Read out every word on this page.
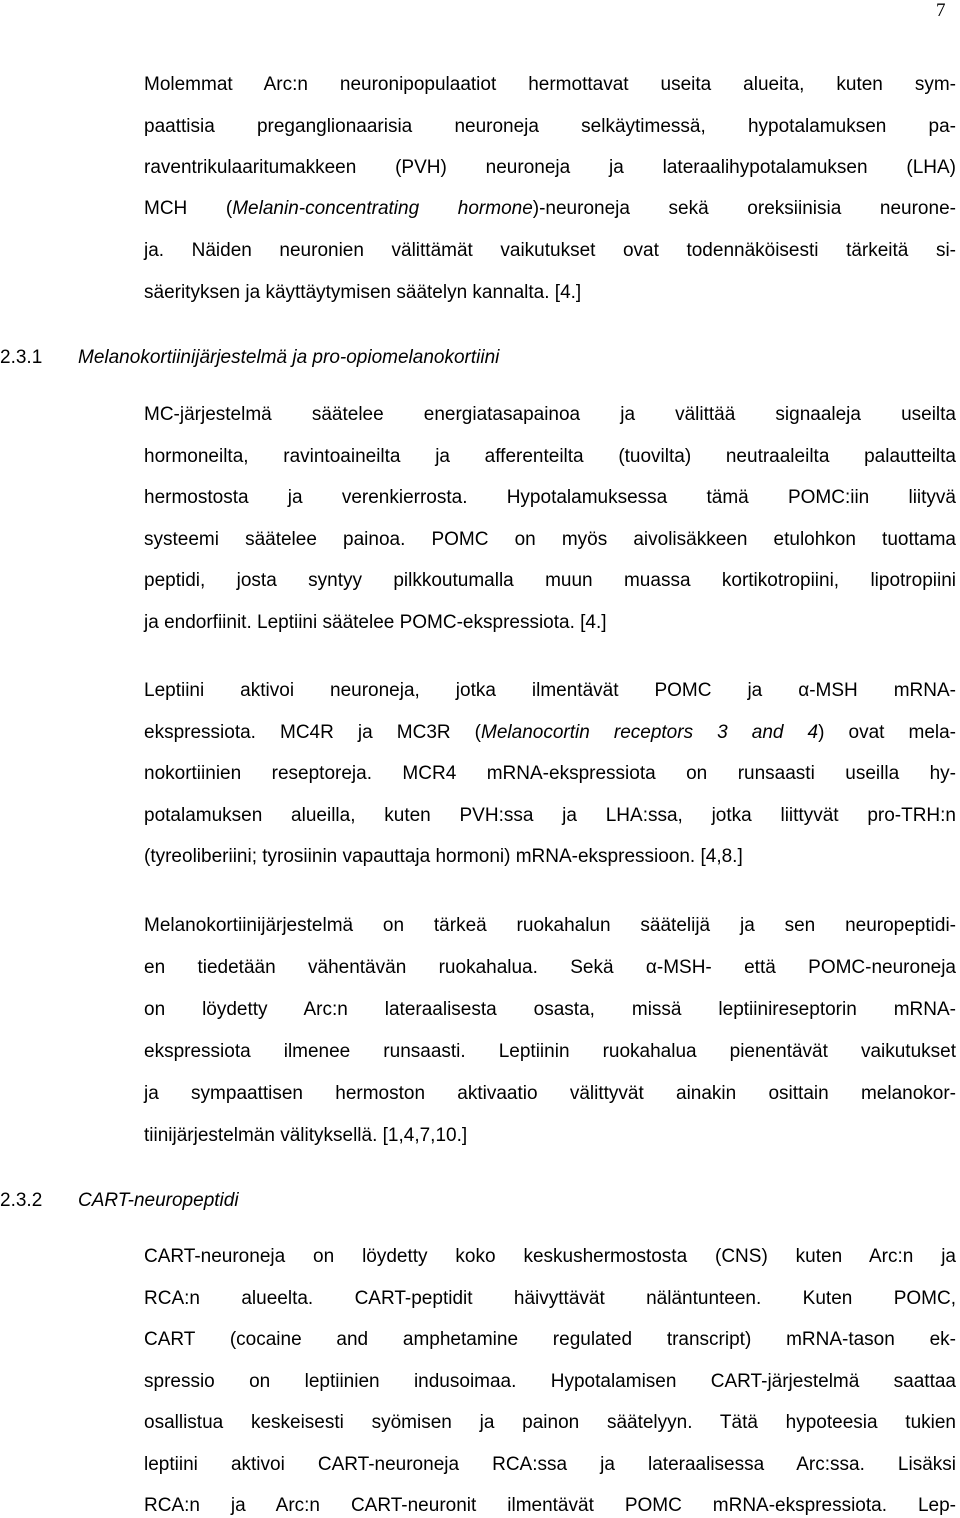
7
Molemmat Arc:n neuronipopulaatiot hermottavat useita alueita, kuten sym-
paattisia preganglionaarisia neuroneja selkäytimessä, hypotalamuksen pa-
raventrikulaaritumakkeen (PVH) neuroneja ja lateraalihypotalamuksen (LHA)
MCH (Melanin-concentrating hormone)-neuroneja sekä oreksiinisia neurone-
ja. Näiden neuronien välittämät vaikutukset ovat todennäköisesti tärkeitä si-
säerityksen ja käyttäytymisen säätelyn kannalta. [4.]
2.3.1 Melanokortiinijärjestelmä ja pro-opiomelanokortiini
MC-järjestelmä säätelee energiatasapainoa ja välittää signaaleja useilta
hormoneilta, ravintoaineilta ja afferenteilta (tuovilta) neutraaleilta palautteilta
hermostosta ja verenkierrosta. Hypotalamuksessa tämä POMC:iin liityvä
systeemi säätelee painoa. POMC on myös aivolisäkkeen etulohkon tuottama
peptidi, josta syntyy pilkkoutumalla muun muassa kortikotropiini, lipotropiini
ja endorfiinit. Leptiini säätelee POMC-ekspressiota. [4.]
Leptiini aktivoi neuroneja, jotka ilmentävät POMC ja α-MSH mRNA-
ekspressiota. MC4R ja MC3R (Melanocortin receptors 3 and 4) ovat mela-
nokortiinien reseptoreja. MCR4 mRNA-ekspressiota on runsaasti useilla hy-
potalamuksen alueilla, kuten PVH:ssa ja LHA:ssa, jotka liittyvät pro-TRH:n
(tyreoliberiini; tyrosiinin vapauttaja hormoni) mRNA-ekspressioon. [4,8.]
Melanokortiinijärjestelmä on tärkeä ruokahalun säätelijä ja sen neuropeptidi-
en tiedetään vähentävän ruokahalua. Sekä α-MSH- että POMC-neuroneja
on löydetty Arc:n lateraalisesta osasta, missä leptiinireseptorin mRNA-
ekspressiota ilmenee runsaasti. Leptiinin ruokahalua pienentävät vaikutukset
ja sympaattisen hermoston aktivaatio välittyvät ainakin osittain melanokor-
tiinijärjestelmän välityksellä. [1,4,7,10.]
2.3.2 CART-neuropeptidi
CART-neuroneja on löydetty koko keskushermostosta (CNS) kuten Arc:n ja
RCA:n alueelta. CART-peptidit häivyttävät näläntunteen. Kuten POMC,
CART (cocaine and amphetamine regulated transcript) mRNA-tason ek-
spressio on leptiinien indusoimaa. Hypotalamisen CART-järjestelmä saattaa
osallistua keskeisesti syömisen ja painon säätelyyn. Tätä hypoteesia tukien
leptiini aktivoi CART-neuroneja RCA:ssa ja lateraalisessa Arc:ssa. Lisäksi
RCA:n ja Arc:n CART-neuronit ilmentävät POMC mRNA-ekspressiota. Lep-
